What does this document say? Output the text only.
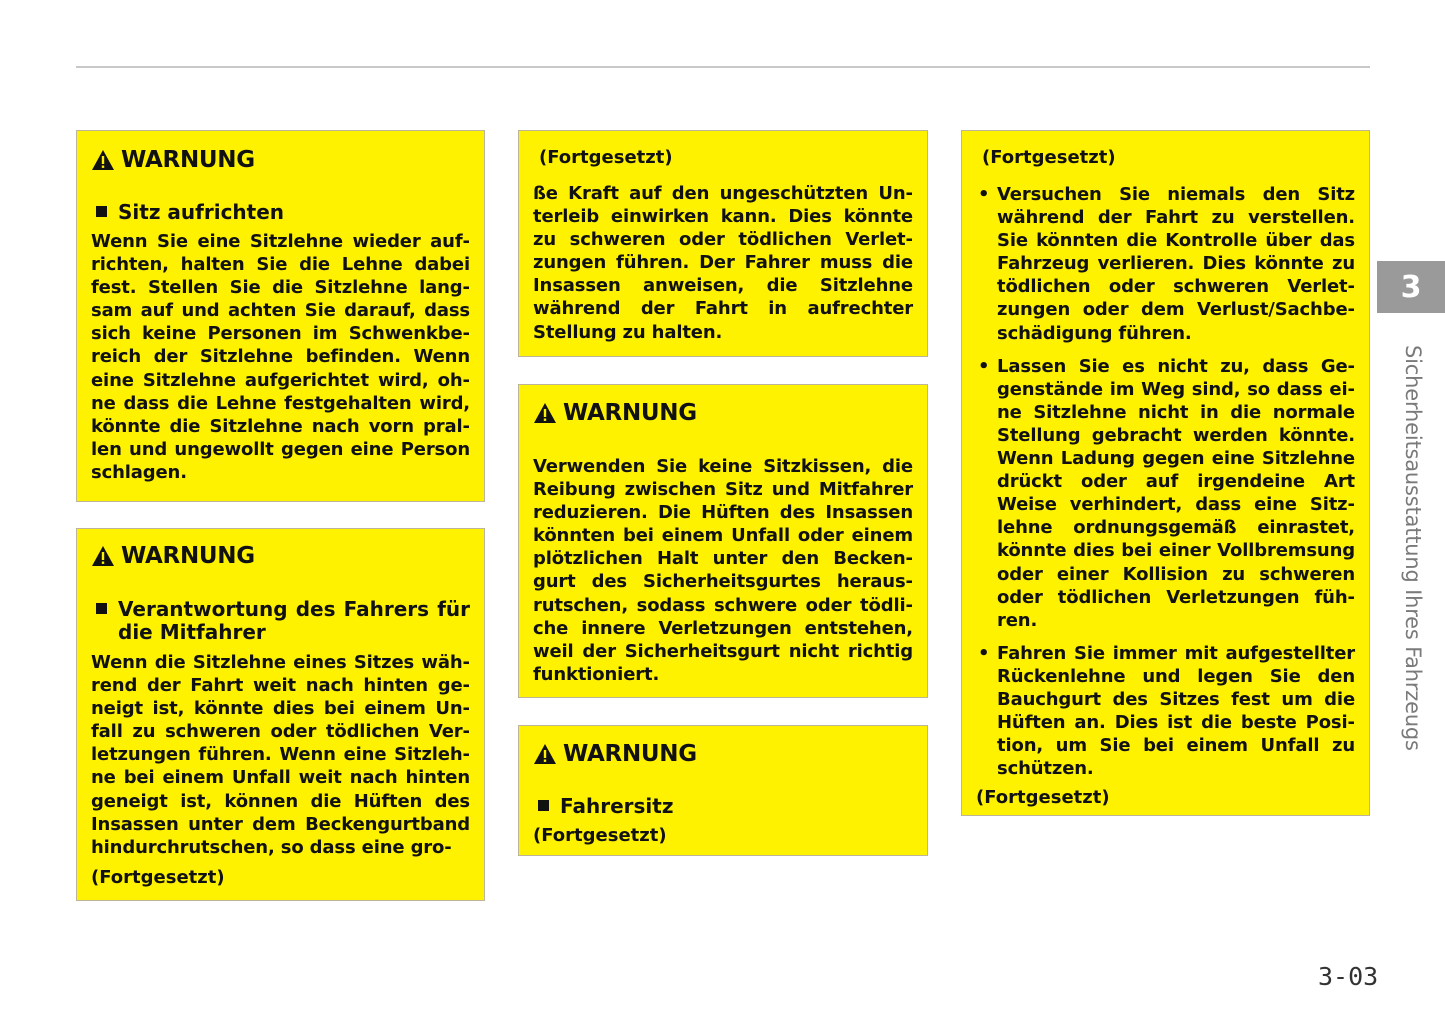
WARNUNG
Sitz aufrichten

Wenn Sie eine Sitzlehne wieder aufrichten, halten Sie die Lehne dabei fest. Stellen Sie die Sitzlehne langsam auf und achten Sie darauf, dass sich keine Personen im Schwenkbereich der Sitzlehne befinden. Wenn eine Sitzlehne aufgerichtet wird, ohne dass die Lehne festgehalten wird, könnte die Sitzlehne nach vorn prallen und ungewollt gegen eine Person schlagen.

WARNUNG
Verantwortung des Fahrers für die Mitfahrer

Wenn die Sitzlehne eines Sitzes während der Fahrt weit nach hinten geneigt ist, könnte dies bei einem Unfall zu schweren oder tödlichen Verletzungen führen. Wenn eine Sitzlehne bei einem Unfall weit nach hinten geneigt ist, können die Hüften des Insassen unter dem Beckengurtband hindurchrutschen, so dass eine gro-

(Fortgesetzt)

(Fortgesetzt)

ße Kraft auf den ungeschützten Unterleib einwirken kann. Dies könnte zu schweren oder tödlichen Verletzungen führen. Der Fahrer muss die Insassen anweisen, die Sitzlehne während der Fahrt in aufrechter Stellung zu halten.

WARNUNG

Verwenden Sie keine Sitzkissen, die Reibung zwischen Sitz und Mitfahrer reduzieren. Die Hüften des Insassen könnten bei einem Unfall oder einem plötzlichen Halt unter den Beckengurt des Sicherheitsgurtes herausrutschen, sodass schwere oder tödliche innere Verletzungen entstehen, weil der Sicherheitsgurt nicht richtig funktioniert.

WARNUNG
Fahrersitz

(Fortgesetzt)

(Fortgesetzt)

• Versuchen Sie niemals den Sitz während der Fahrt zu verstellen. Sie könnten die Kontrolle über das Fahrzeug verlieren. Dies könnte zu tödlichen oder schweren Verletzungen oder dem Verlust/Sachbeschädigung führen.
• Lassen Sie es nicht zu, dass Gegenstände im Weg sind, so dass eine Sitzlehne nicht in die normale Stellung gebracht werden könnte. Wenn Ladung gegen eine Sitzlehne drückt oder auf irgendeine Art Weise verhindert, dass eine Sitzlehne ordnungsgemäß einrastet, könnte dies bei einer Vollbremsung oder einer Kollision zu schweren oder tödlichen Verletzungen führen.
• Fahren Sie immer mit aufgestellter Rückenlehne und legen Sie den Bauchgurt des Sitzes fest um die Hüften an. Dies ist die beste Position, um Sie bei einem Unfall zu schützen.

(Fortgesetzt)

3
Sicherheitsausstattung Ihres Fahrzeugs
3-03
